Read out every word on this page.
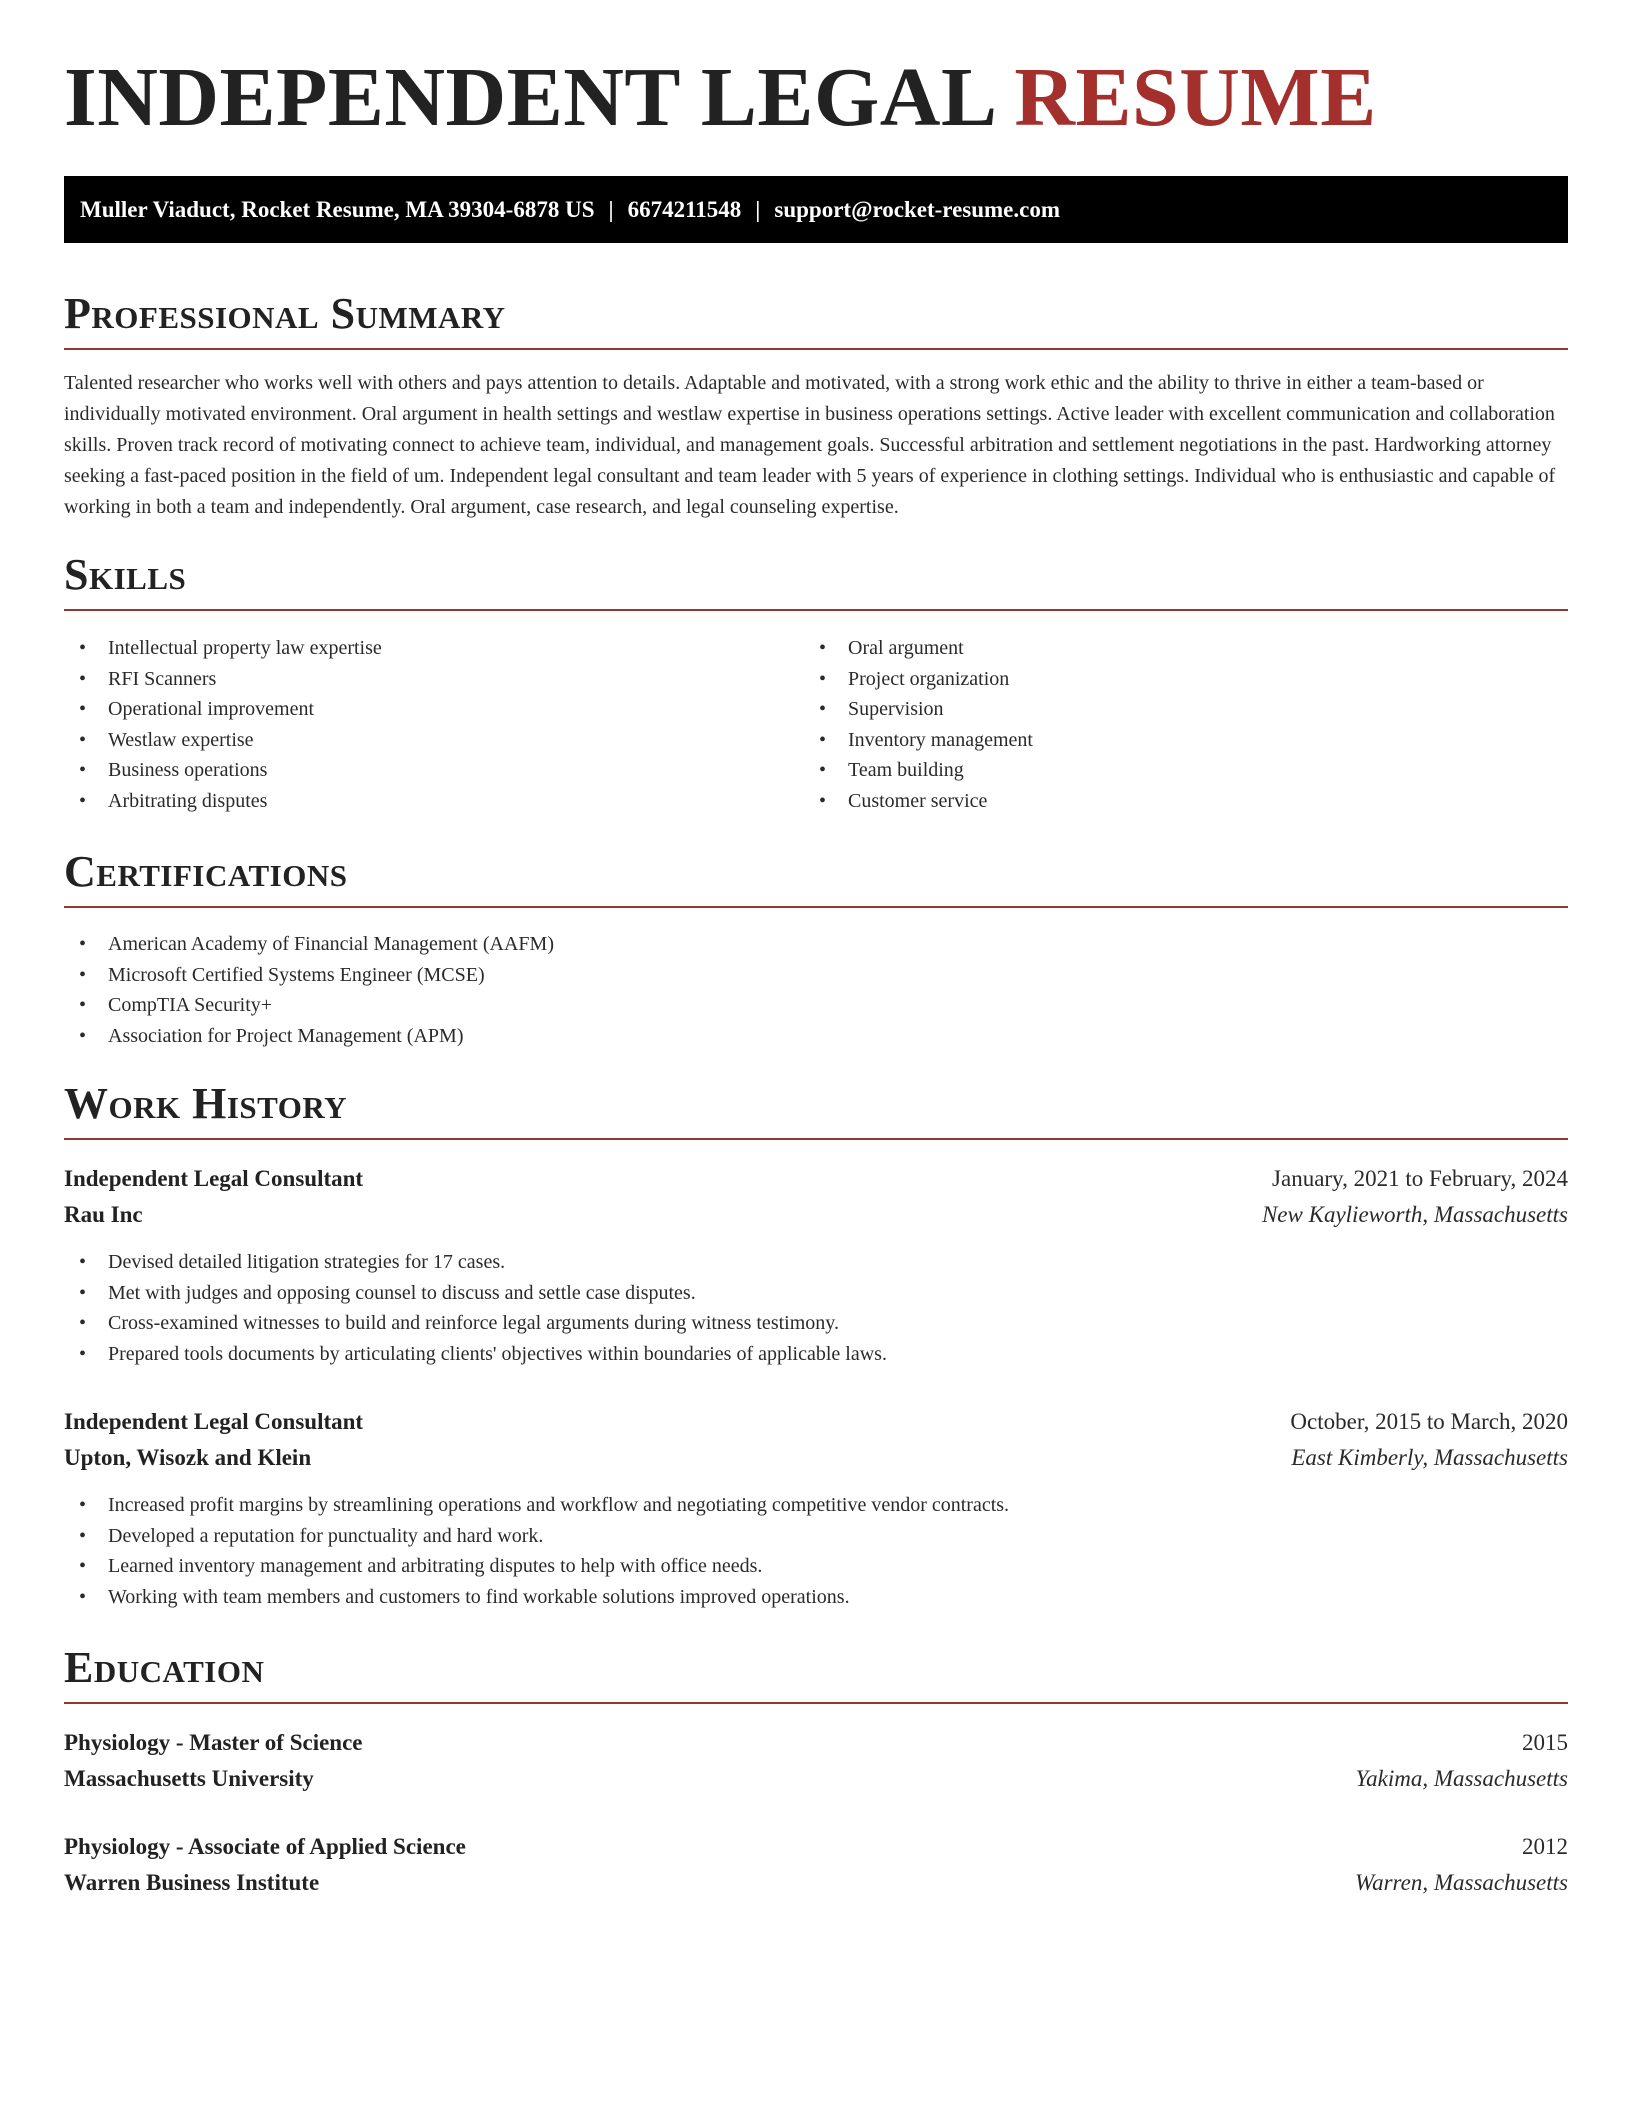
INDEPENDENT LEGAL RESUME
Muller Viaduct, Rocket Resume, MA 39304-6878 US | 6674211548 | support@rocket-resume.com
Professional Summary

Talented researcher who works well with others and pays attention to details. Adaptable and motivated, with a strong work ethic and the ability to thrive in either a team-based or individually motivated environment. Oral argument in health settings and westlaw expertise in business operations settings. Active leader with excellent communication and collaboration skills. Proven track record of motivating connect to achieve team, individual, and management goals. Successful arbitration and settlement negotiations in the past. Hardworking attorney seeking a fast-paced position in the field of um. Independent legal consultant and team leader with 5 years of experience in clothing settings. Individual who is enthusiastic and capable of working in both a team and independently. Oral argument, case research, and legal counseling expertise.

Skills
• Intellectual property law expertise
• RFI Scanners
• Operational improvement
• Westlaw expertise
• Business operations
• Arbitrating disputes
• Oral argument
• Project organization
• Supervision
• Inventory management
• Team building
• Customer service
Certifications
• American Academy of Financial Management (AAFM)
• Microsoft Certified Systems Engineer (MCSE)
• CompTIA Security+
• Association for Project Management (APM)
Work History
Independent Legal Consultant	January, 2021 to February, 2024
Rau Inc	New Kaylieworth, Massachusetts
• Devised detailed litigation strategies for 17 cases.
• Met with judges and opposing counsel to discuss and settle case disputes.
• Cross-examined witnesses to build and reinforce legal arguments during witness testimony.
• Prepared tools documents by articulating clients' objectives within boundaries of applicable laws.
Independent Legal Consultant	October, 2015 to March, 2020
Upton, Wisozk and Klein	East Kimberly, Massachusetts
• Increased profit margins by streamlining operations and workflow and negotiating competitive vendor contracts.
• Developed a reputation for punctuality and hard work.
• Learned inventory management and arbitrating disputes to help with office needs.
• Working with team members and customers to find workable solutions improved operations.
Education
Physiology - Master of Science	2015
Massachusetts University	Yakima, Massachusetts
Physiology - Associate of Applied Science	2012
Warren Business Institute	Warren, Massachusetts
